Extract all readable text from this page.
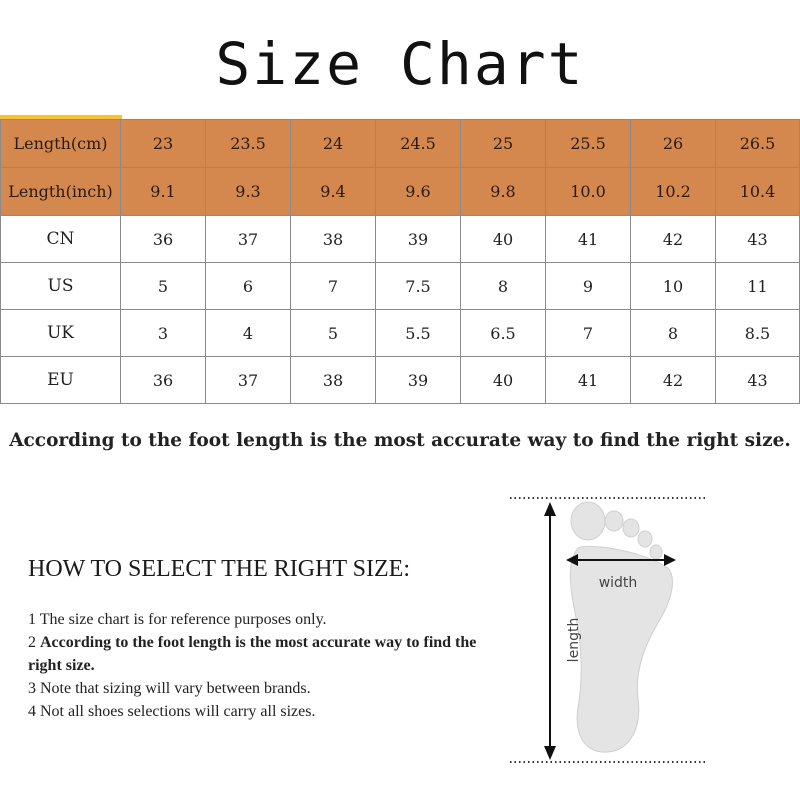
Size Chart
Length(cm)	23	23.5	24	24.5	25	25.5	26	26.5
Length(inch)	9.1	9.3	9.4	9.6	9.8	10.0	10.2	10.4
CN	36	37	38	39	40	41	42	43
US	5	6	7	7.5	8	9	10	11
UK	3	4	5	5.5	6.5	7	8	8.5
EU	36	37	38	39	40	41	42	43
According to the foot length is the most accurate way to find the right size.
HOW TO SELECT THE RIGHT SIZE:
1 The size chart is for reference purposes only.
2 According to the foot length is the most accurate way to find the right size.
3 Note that sizing will vary between brands.
4 Not all shoes selections will carry all sizes.
width
length
